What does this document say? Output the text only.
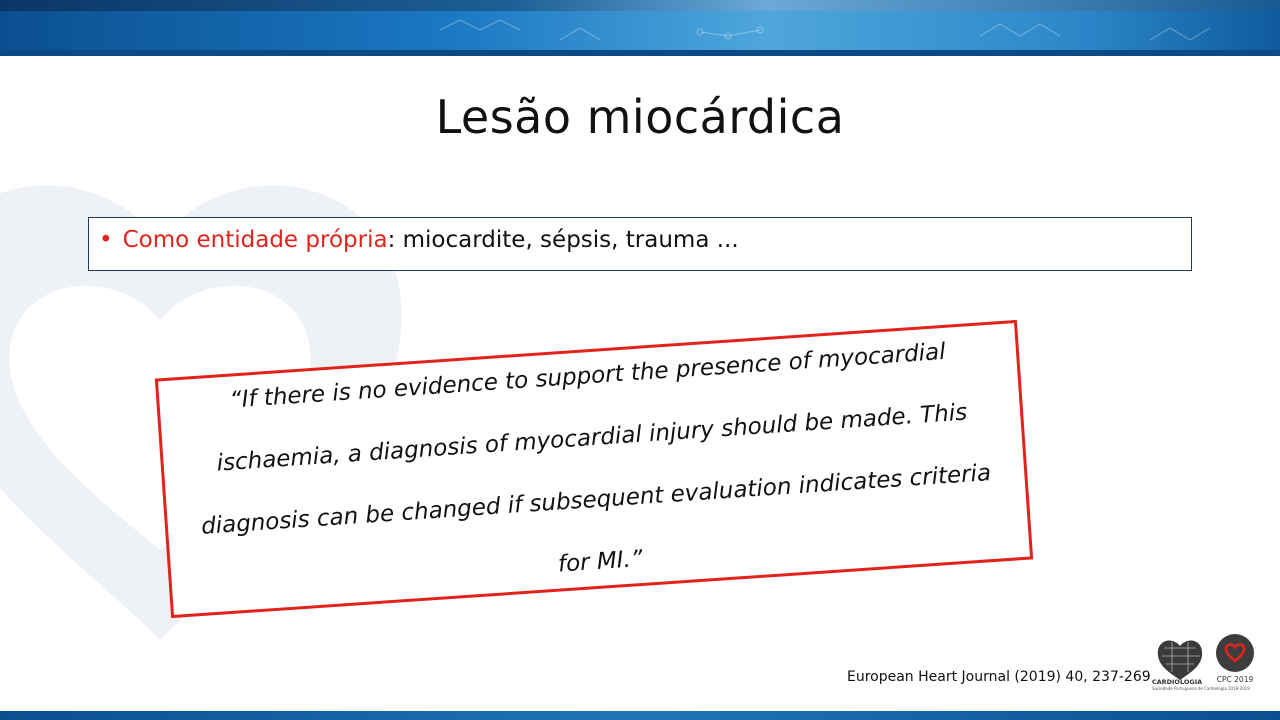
Lesão miocárdica
• Como entidade própria: miocardite, sépsis, trauma ...
“If there is no evidence to support the presence of myocardial ischaemia, a diagnosis of myocardial injury should be made. This diagnosis can be changed if subsequent evaluation indicates criteria for MI.”
European Heart Journal (2019) 40, 237-269 CARDIOLOGIA	CPC 2019
Sociedade Portuguesa de Cardiologia 2018-2019
